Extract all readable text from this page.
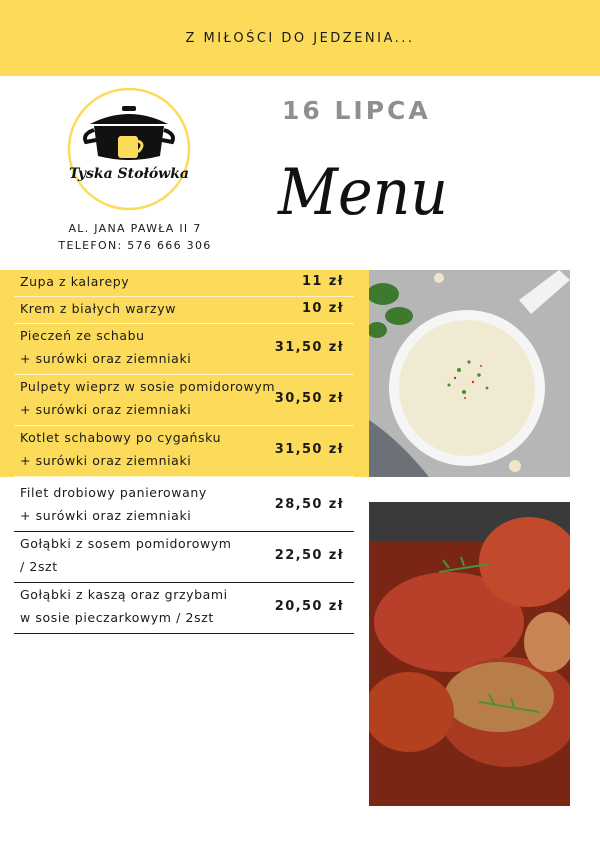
Z MIŁOŚCI DO JEDZENIA...
Tyska Stołówka
AL. JANA PAWŁA II 7
TELEFON: 576 666 306
16 LIPCA
Menu
Zupa z kalarepy	11 zł
Krem z białych warzyw	10 zł
Pieczeń ze schabu
+ surówki oraz ziemniaki
31,50 zł
Pulpety wieprz w sosie pomidorowym
+ surówki oraz ziemniaki
30,50 zł
Kotlet schabowy po cygańsku
+ surówki oraz ziemniaki
31,50 zł
Filet drobiowy panierowany
+ surówki oraz ziemniaki
28,50 zł
Gołąbki z sosem pomidorowym
/ 2szt
22,50 zł
Gołąbki z kaszą oraz grzybami
w sosie pieczarkowym / 2szt
20,50 zł
